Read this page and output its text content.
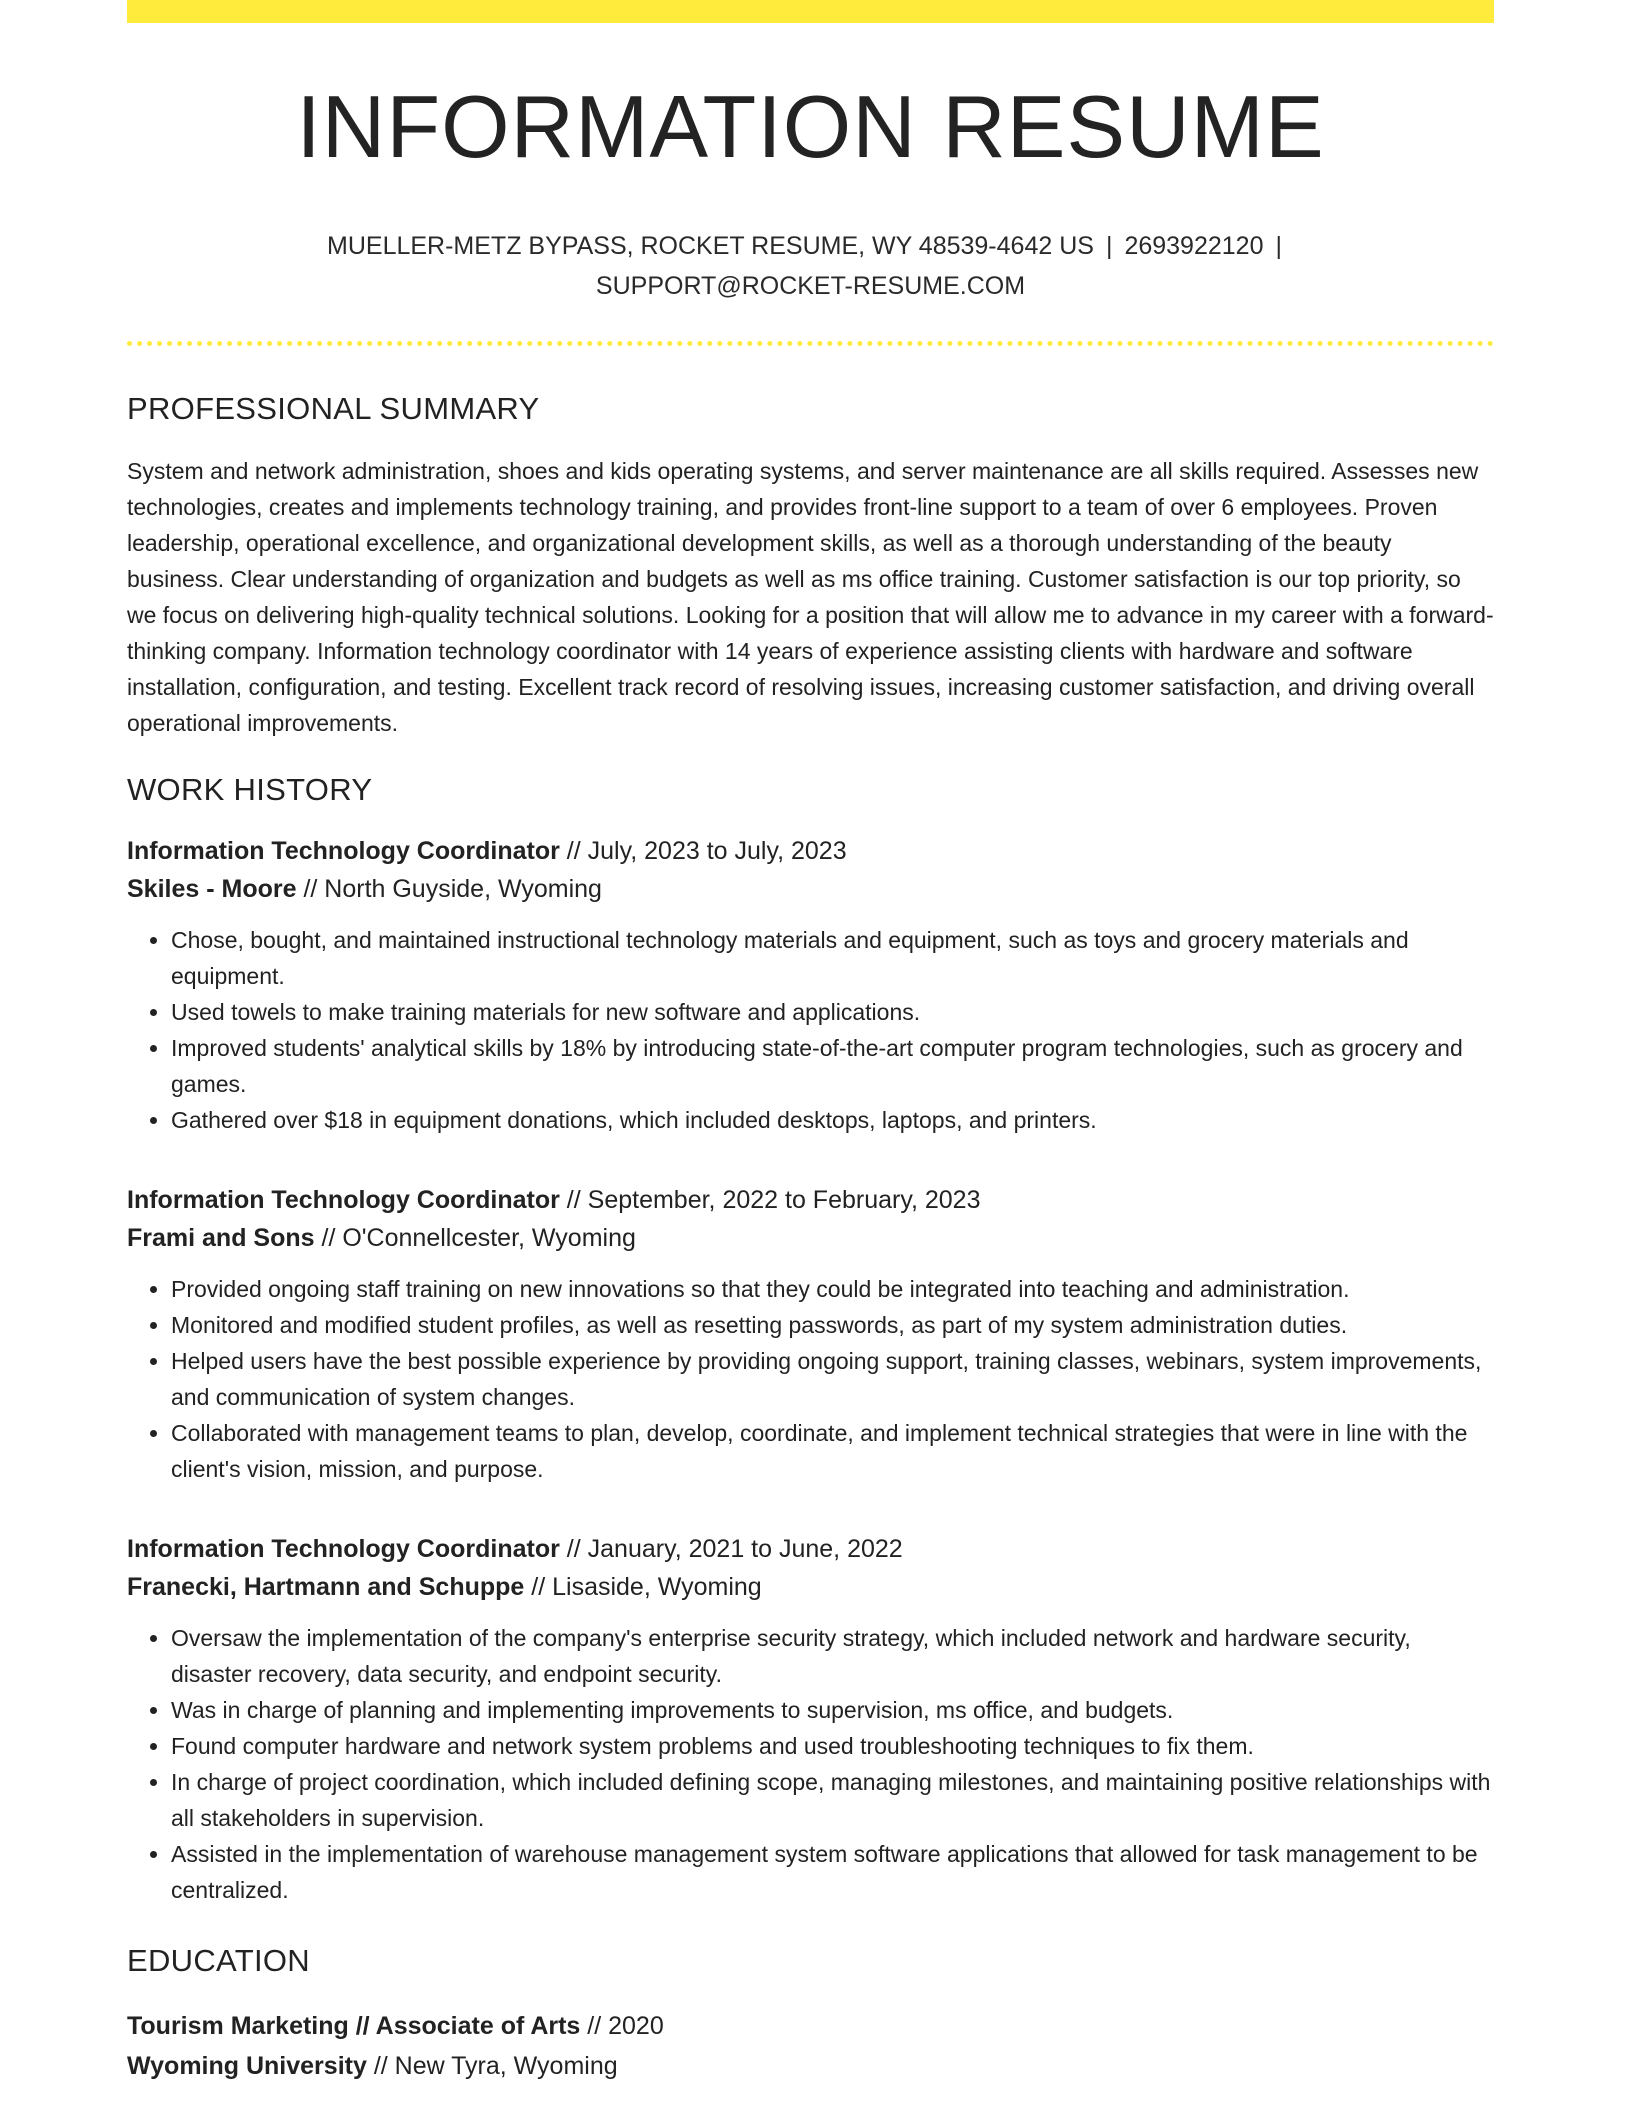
INFORMATION RESUME
MUELLER-METZ BYPASS, ROCKET RESUME, WY 48539-4642 US | 2693922120 |
SUPPORT@ROCKET-RESUME.COM
PROFESSIONAL SUMMARY
System and network administration, shoes and kids operating systems, and server maintenance are all skills required. Assesses new technologies, creates and implements technology training, and provides front-line support to a team of over 6 employees. Proven leadership, operational excellence, and organizational development skills, as well as a thorough understanding of the beauty business. Clear understanding of organization and budgets as well as ms office training. Customer satisfaction is our top priority, so we focus on delivering high-quality technical solutions. Looking for a position that will allow me to advance in my career with a forward-thinking company. Information technology coordinator with 14 years of experience assisting clients with hardware and software installation, configuration, and testing. Excellent track record of resolving issues, increasing customer satisfaction, and driving overall operational improvements.
WORK HISTORY
Information Technology Coordinator // July, 2023 to July, 2023
Skiles - Moore // North Guyside, Wyoming
• Chose, bought, and maintained instructional technology materials and equipment, such as toys and grocery materials and equipment.
• Used towels to make training materials for new software and applications.
• Improved students' analytical skills by 18% by introducing state-of-the-art computer program technologies, such as grocery and games.
• Gathered over $18 in equipment donations, which included desktops, laptops, and printers.
Information Technology Coordinator // September, 2022 to February, 2023
Frami and Sons // O'Connellcester, Wyoming
• Provided ongoing staff training on new innovations so that they could be integrated into teaching and administration.
• Monitored and modified student profiles, as well as resetting passwords, as part of my system administration duties.
• Helped users have the best possible experience by providing ongoing support, training classes, webinars, system improvements, and communication of system changes.
• Collaborated with management teams to plan, develop, coordinate, and implement technical strategies that were in line with the client's vision, mission, and purpose.
Information Technology Coordinator // January, 2021 to June, 2022
Franecki, Hartmann and Schuppe // Lisaside, Wyoming
• Oversaw the implementation of the company's enterprise security strategy, which included network and hardware security, disaster recovery, data security, and endpoint security.
• Was in charge of planning and implementing improvements to supervision, ms office, and budgets.
• Found computer hardware and network system problems and used troubleshooting techniques to fix them.
• In charge of project coordination, which included defining scope, managing milestones, and maintaining positive relationships with all stakeholders in supervision.
• Assisted in the implementation of warehouse management system software applications that allowed for task management to be centralized.
EDUCATION
Tourism Marketing // Associate of Arts // 2020
Wyoming University // New Tyra, Wyoming
